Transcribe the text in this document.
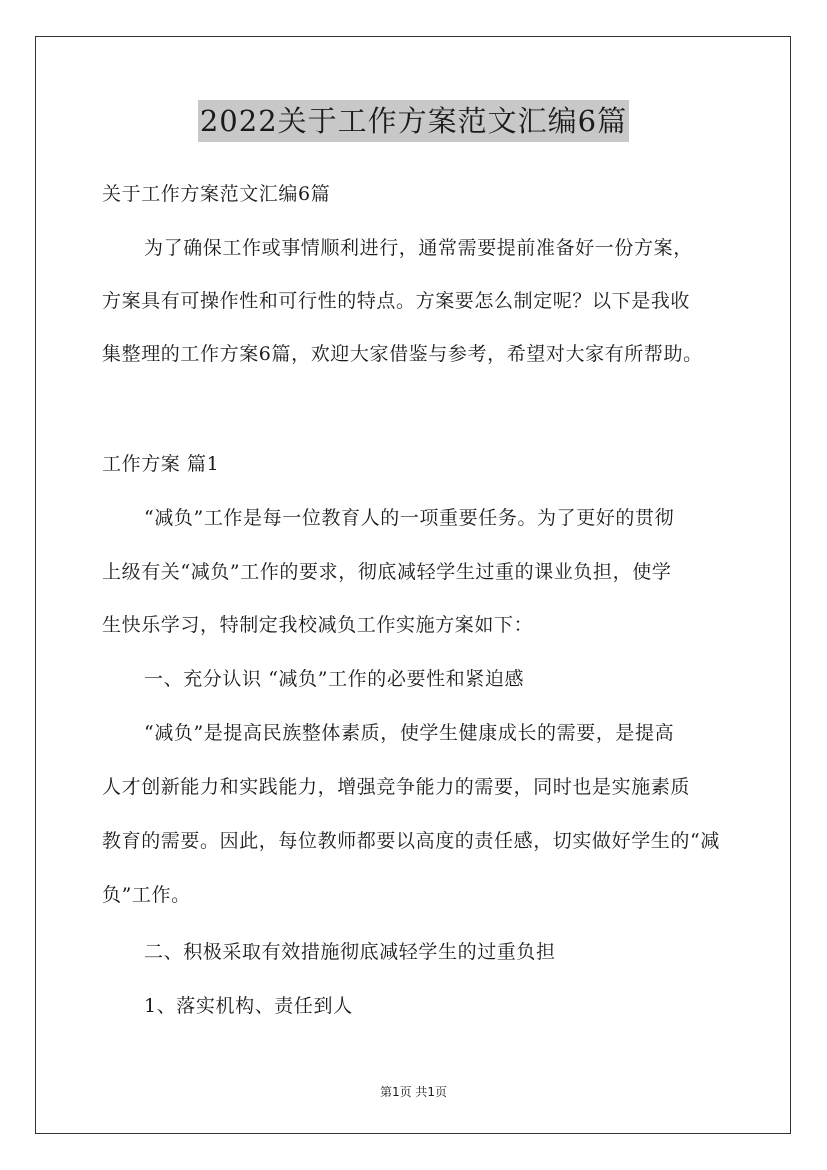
2022关于工作方案范文汇编6篇
关于工作方案范文汇编6篇
为了确保工作或事情顺利进行，通常需要提前准备好一份方案，
方案具有可操作性和可行性的特点。方案要怎么制定呢？以下是我收
集整理的工作方案6篇，欢迎大家借鉴与参考，希望对大家有所帮助。
工作方案 篇1
“减负”工作是每一位教育人的一项重要任务。为了更好的贯彻
上级有关“减负”工作的要求，彻底减轻学生过重的课业负担，使学
生快乐学习，特制定我校减负工作实施方案如下：
一、充分认识 “减负”工作的必要性和紧迫感
“减负”是提高民族整体素质，使学生健康成长的需要，是提高
人才创新能力和实践能力，增强竞争能力的需要，同时也是实施素质
教育的需要。因此，每位教师都要以高度的责任感，切实做好学生的“减
负”工作。
二、积极采取有效措施彻底减轻学生的过重负担
1、落实机构、责任到人
第1页 共1页
